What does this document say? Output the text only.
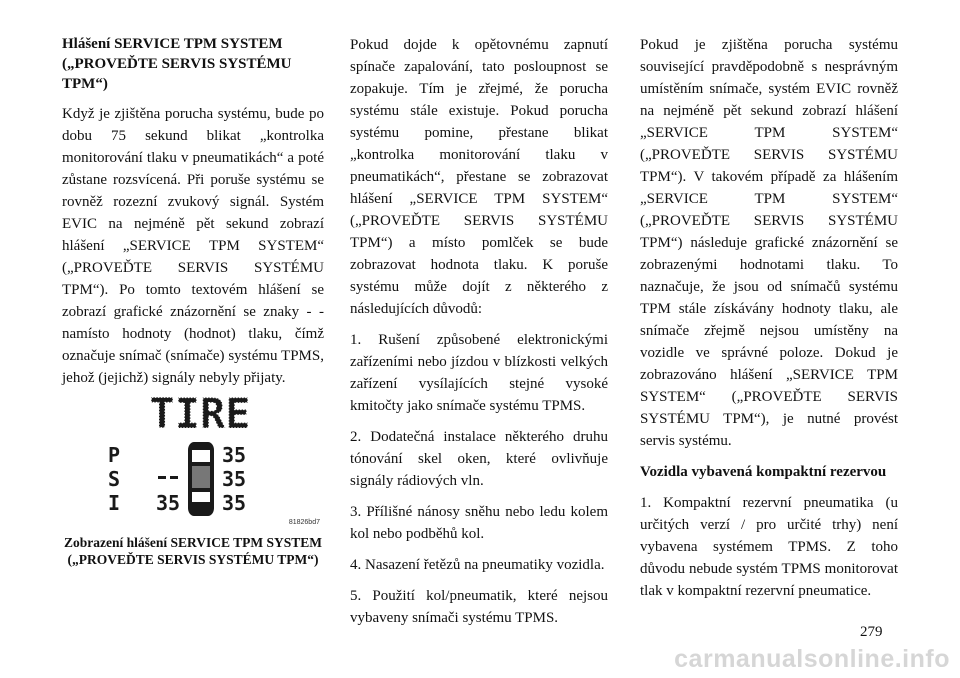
Hlášení SERVICE TPM SYSTEM („PROVEĎTE SERVIS SYSTÉMU TPM“)

Když je zjištěna porucha systému, bude po dobu 75 sekund blikat „kontrolka monitorování tlaku v pneumatikách“ a poté zůstane rozsvícená. Při poruše systému se rovněž rozezní zvukový signál. Systém EVIC na nejméně pět sekund zobrazí hlášení „SERVICE TPM SYSTEM“ („PROVEĎTE SERVIS SYSTÉMU TPM“). Po tomto textovém hlášení se zobrazí grafické znázornění se znaky - - namísto hodnoty (hodnot) tlaku, čímž označuje snímač (snímače) systému TPMS, jehož (jejichž) signály nebyly přijaty.

TIRE
P
S
I
35
35
35
35
81826bd7
Zobrazení hlášení SERVICE TPM SYSTEM („PROVEĎTE SERVIS SYSTÉMU TPM“)

Pokud dojde k opětovnému zapnutí spínače zapalování, tato posloupnost se zopakuje. Tím je zřejmé, že porucha systému stále existuje. Pokud porucha systému pomine, přestane blikat „kontrolka monitorování tlaku v pneumatikách“, přestane se zobrazovat hlášení „SERVICE TPM SYSTEM“ („PROVEĎTE SERVIS SYSTÉMU TPM“) a místo pomlček se bude zobrazovat hodnota tlaku. K poruše systému může dojít z některého z následujících důvodů:

1. Rušení způsobené elektronickými zařízeními nebo jízdou v blízkosti velkých zařízení vysílajících stejné vysoké kmitočty jako snímače systému TPMS.

2. Dodatečná instalace některého druhu tónování skel oken, které ovlivňuje signály rádiových vln.

3. Přílišné nánosy sněhu nebo ledu kolem kol nebo podběhů kol.

4. Nasazení řetězů na pneumatiky vozidla.

5. Použití kol/pneumatik, které nejsou vybaveny snímači systému TPMS.

Pokud je zjištěna porucha systému související pravděpodobně s nesprávným umístěním snímače, systém EVIC rovněž na nejméně pět sekund zobrazí hlášení „SERVICE TPM SYSTEM“ („PROVEĎTE SERVIS SYSTÉMU TPM“). V takovém případě za hlášením „SERVICE TPM SYSTEM“ („PROVEĎTE SERVIS SYSTÉMU TPM“) následuje grafické znázornění se zobrazenými hodnotami tlaku. To naznačuje, že jsou od snímačů systému TPM stále získávány hodnoty tlaku, ale snímače zřejmě nejsou umístěny na vozidle ve správné poloze. Dokud je zobrazováno hlášení „SERVICE TPM SYSTEM“ („PROVEĎTE SERVIS SYSTÉMU TPM“), je nutné provést servis systému.

Vozidla vybavená kompaktní rezervou

1. Kompaktní rezervní pneumatika (u určitých verzí / pro určité trhy) není vybavena systémem TPMS. Z toho důvodu nebude systém TPMS monitorovat tlak v kompaktní rezervní pneumatice.

279
carmanualsonline.info
